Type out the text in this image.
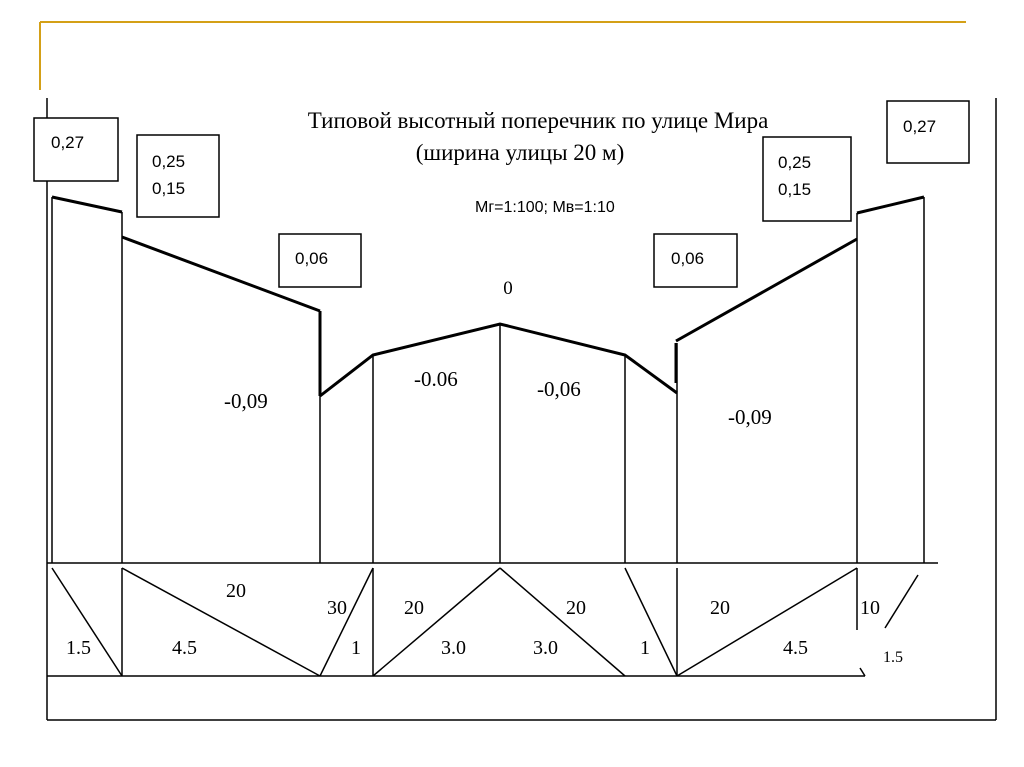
Типовой высотный поперечник по улице Мира
(ширина улицы 20 м)
Мг=1:100; Мв=1:10
0,27
0,25
0,15
0,06	0,06
0,25
0,15
0,27
0
-0,09
-0.06	-0,06
-0,09
20
30	20	20	20	10
1.5	4.5	1	3.0	3.0	1	4.5	1.5
